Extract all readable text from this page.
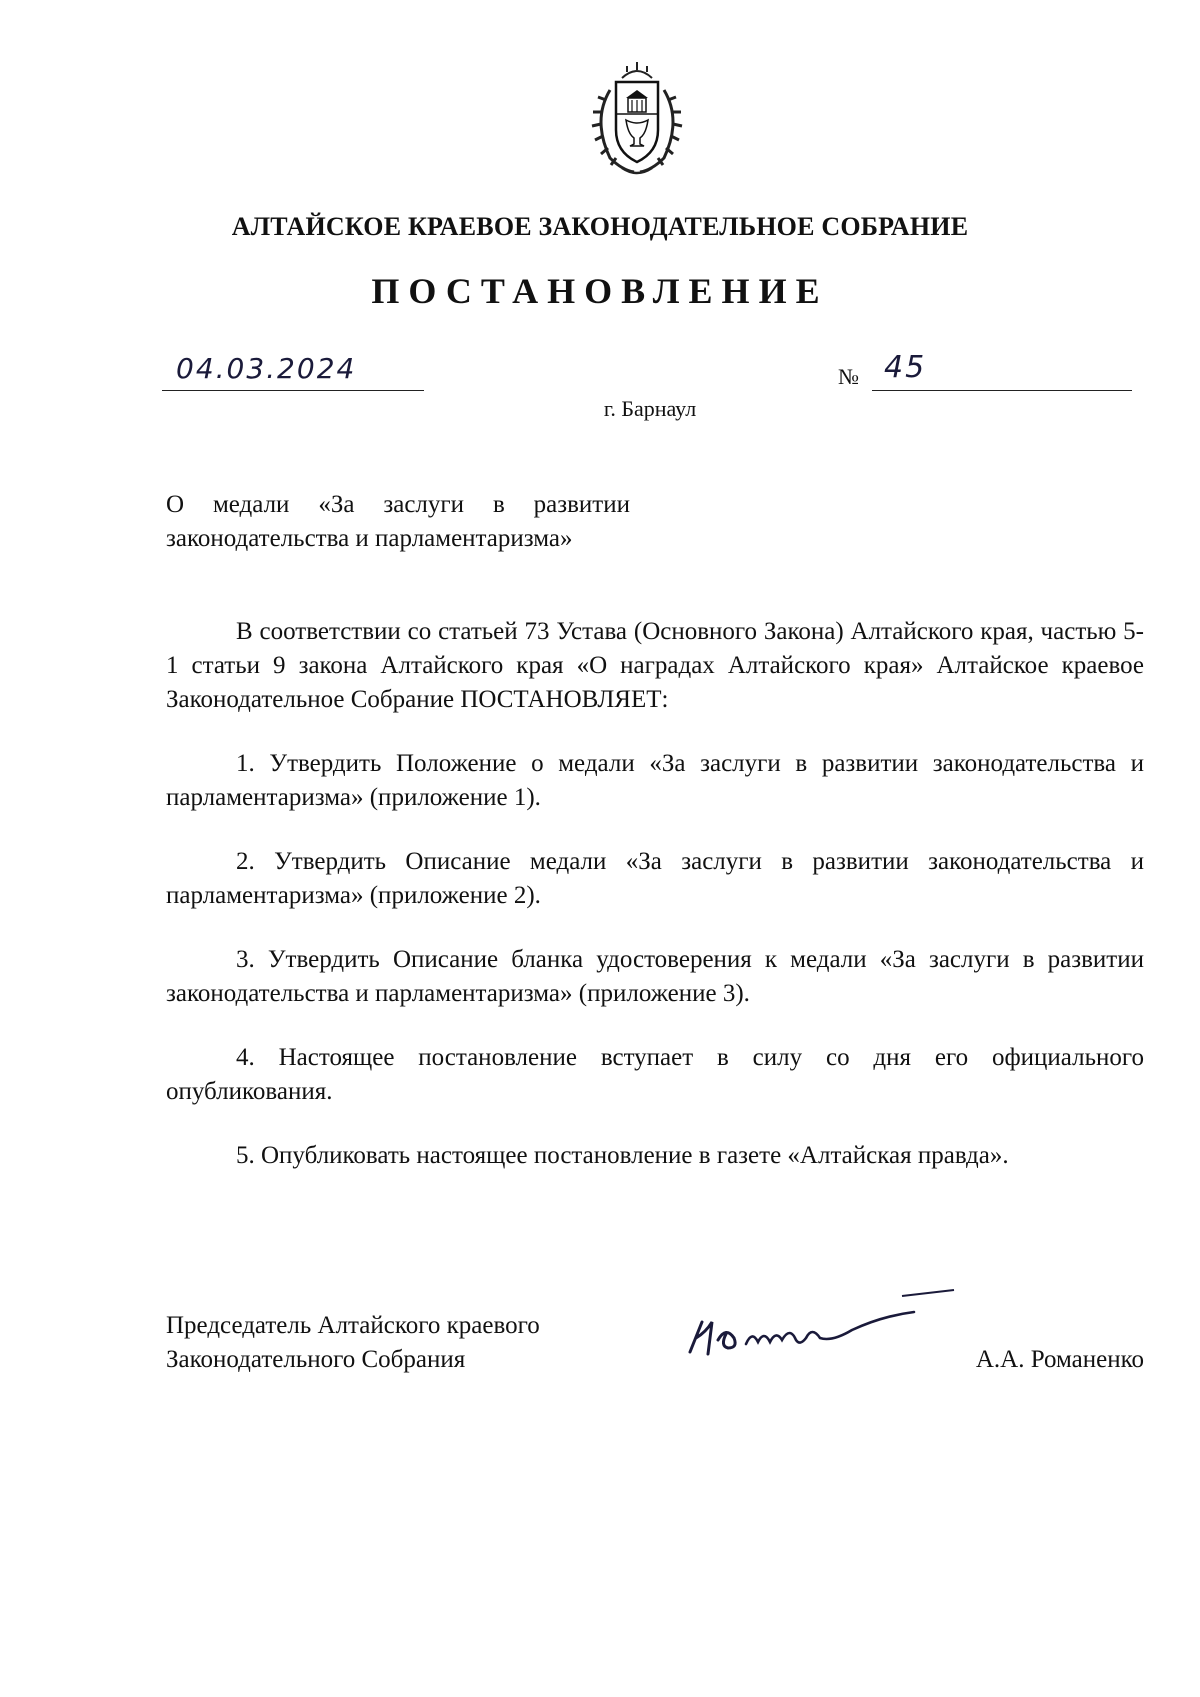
АЛТАЙСКОЕ КРАЕВОЕ ЗАКОНОДАТЕЛЬНОЕ СОБРАНИЕ
ПОСТАНОВЛЕНИЕ
04.03.2024	№ 45
г. Барнаул
О медали «За заслуги в развитии законодательства и парламентаризма»

В соответствии со статьей 73 Устава (Основного Закона) Алтайского края, частью 5-1 статьи 9 закона Алтайского края «О наградах Алтайского края» Алтайское краевое Законодательное Собрание ПОСТАНОВЛЯЕТ:

1. Утвердить Положение о медали «За заслуги в развитии законодательства и парламентаризма» (приложение 1).

2. Утвердить Описание медали «За заслуги в развитии законодательства и парламентаризма» (приложение 2).

3. Утвердить Описание бланка удостоверения к медали «За заслуги в развитии законодательства и парламентаризма» (приложение 3).

4. Настоящее постановление вступает в силу со дня его официального опубликования.

5. Опубликовать настоящее постановление в газете «Алтайская правда».

Председатель Алтайского краевого
Законодательного Собрания	А.А. Романенко
